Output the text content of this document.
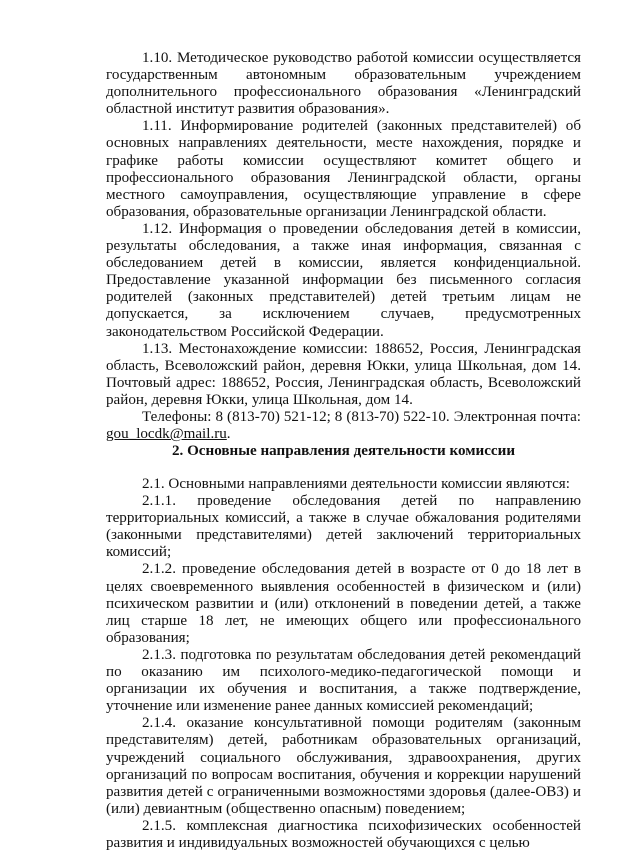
1.10. Методическое руководство работой комиссии осуществляется государственным автономным образовательным учреждением дополнительного профессионального образования «Ленинградский областной институт развития образования».

1.11. Информирование родителей (законных представителей) об основных направлениях деятельности, месте нахождения, порядке и графике работы комиссии осуществляют комитет общего и профессионального образования Ленинградской области, органы местного самоуправления, осуществляющие управление в сфере образования, образовательные организации Ленинградской области.

1.12. Информация о проведении обследования детей в комиссии, результаты обследования, а также иная информация, связанная с обследованием детей в комиссии, является конфиденциальной. Предоставление указанной информации без письменного согласия родителей (законных представителей) детей третьим лицам не допускается, за исключением случаев, предусмотренных законодательством Российской Федерации.

1.13. Местонахождение комиссии: 188652, Россия, Ленинградская область, Всеволожский район, деревня Юкки, улица Школьная, дом 14. Почтовый адрес: 188652, Россия, Ленинградская область, Всеволожский район, деревня Юкки, улица Школьная, дом 14.

Телефоны: 8 (813-70) 521-12; 8 (813-70) 522-10. Электронная почта: gou_locdk@mail.ru.

2. Основные направления деятельности комиссии

2.1. Основными направлениями деятельности комиссии являются:

2.1.1. проведение обследования детей по направлению территориальных комиссий, а также в случае обжалования родителями (законными представителями) детей заключений территориальных комиссий;

2.1.2. проведение обследования детей в возрасте от 0 до 18 лет в целях своевременного выявления особенностей в физическом и (или) психическом развитии и (или) отклонений в поведении детей, а также лиц старше 18 лет, не имеющих общего или профессионального образования;

2.1.3. подготовка по результатам обследования детей рекомендаций по оказанию им психолого-медико-педагогической помощи и организации их обучения и воспитания, а также подтверждение, уточнение или изменение ранее данных комиссией рекомендаций;

2.1.4. оказание консультативной помощи родителям (законным представителям) детей, работникам образовательных организаций, учреждений социального обслуживания, здравоохранения, других организаций по вопросам воспитания, обучения и коррекции нарушений развития детей с ограниченными возможностями здоровья (далее-ОВЗ) и (или) девиантным (общественно опасным) поведением;

2.1.5. комплексная диагностика психофизических особенностей развития и индивидуальных возможностей обучающихся с целью
